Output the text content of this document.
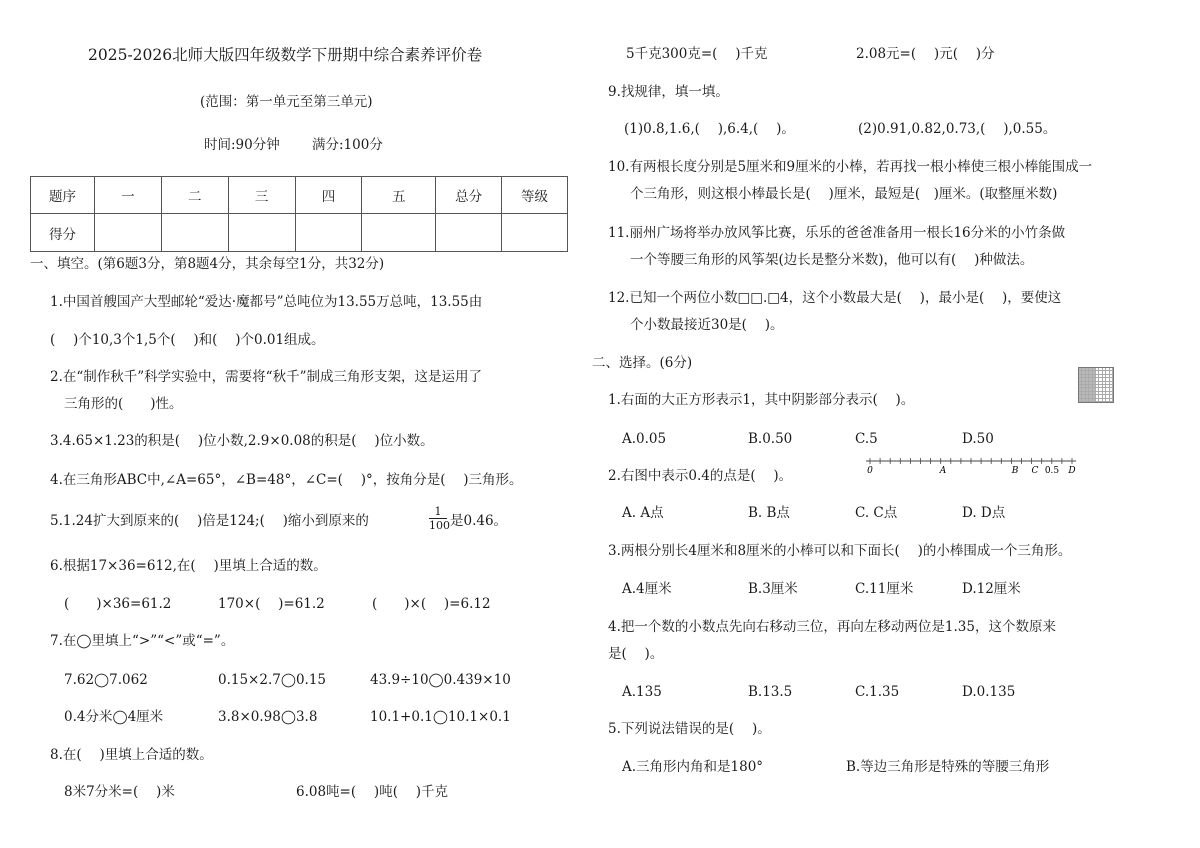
2025-2026北师大版四年级数学下册期中综合素养评价卷
(范围：第一单元至第三单元)
时间:90分钟 满分:100分
题序	一	二	三	四	五	总分	等级
得分							
一、填空。(第6题3分，第8题4分，其余每空1分，共32分)
1.中国首艘国产大型邮轮“爱达·魔都号”总吨位为13.55万总吨，13.55由
(　 )个10,3个1,5个(　 )和(　 )个0.01组成。
2.在“制作秋千”科学实验中，需要将“秋千”制成三角形支架，这是运用了
三角形的(　　)性。
3.4.65×1.23的积是(　 )位小数,2.9×0.08的积是(　 )位小数。
4.在三角形ABC中,∠A=65°，∠B=48°，∠C=(　 )°，按角分是(　 )三角形。
5.1.24扩大到原来的(　 )倍是124;(　 )缩小到原来的
1
100 是0.46。
6.根据17×36=612,在(　 )里填上合适的数。
(　　)×36=61.2	170×(　 )=61.2	(　　)×(　 )=6.12
7.在◯里填上“>”“<”或“=”。
7.62◯7.062	0.15×2.7◯0.15	43.9÷10◯0.439×10
0.4分米◯4厘米	3.8×0.98◯3.8	10.1+0.1◯10.1×0.1
8.在(　 )里填上合适的数。
8米7分米=(　 )米	6.08吨=(　 )吨(　 )千克
5千克300克=(　 )千克	2.08元=(　 )元(　 )分
9.找规律，填一填。
(1)0.8,1.6,(　 ),6.4,(　 )。	(2)0.91,0.82,0.73,(　 ),0.55。
10.有两根长度分别是5厘米和9厘米的小棒，若再找一根小棒使三根小棒能围成一
个三角形，则这根小棒最长是(　 )厘米，最短是(　)厘米。(取整厘米数)
11.丽州广场将举办放风筝比赛，乐乐的爸爸准备用一根长16分米的小竹条做
一个等腰三角形的风筝架(边长是整分米数)，他可以有(　 )种做法。
12.已知一个两位小数□□.□4，这个小数最大是(　 )，最小是(　 )，要使这
个小数最接近30是(　 )。
二、选择。(6分)
1.右面的大正方形表示1，其中阴影部分表示(　 )。
A.0.05	B.0.50	C.5	D.50
2.右图中表示0.4的点是(　 )。	0	A	B C 0.5 D
A. A点	B. B点	C. C点	D. D点
3.两根分别长4厘米和8厘米的小棒可以和下面长(　 )的小棒围成一个三角形。
A.4厘米	B.3厘米	C.11厘米	D.12厘米
4.把一个数的小数点先向右移动三位，再向左移动两位是1.35，这个数原来
是(　 )。
A.135	B.13.5	C.1.35	D.0.135
5.下列说法错误的是(　 )。
A.三角形内角和是180°	B.等边三角形是特殊的等腰三角形
